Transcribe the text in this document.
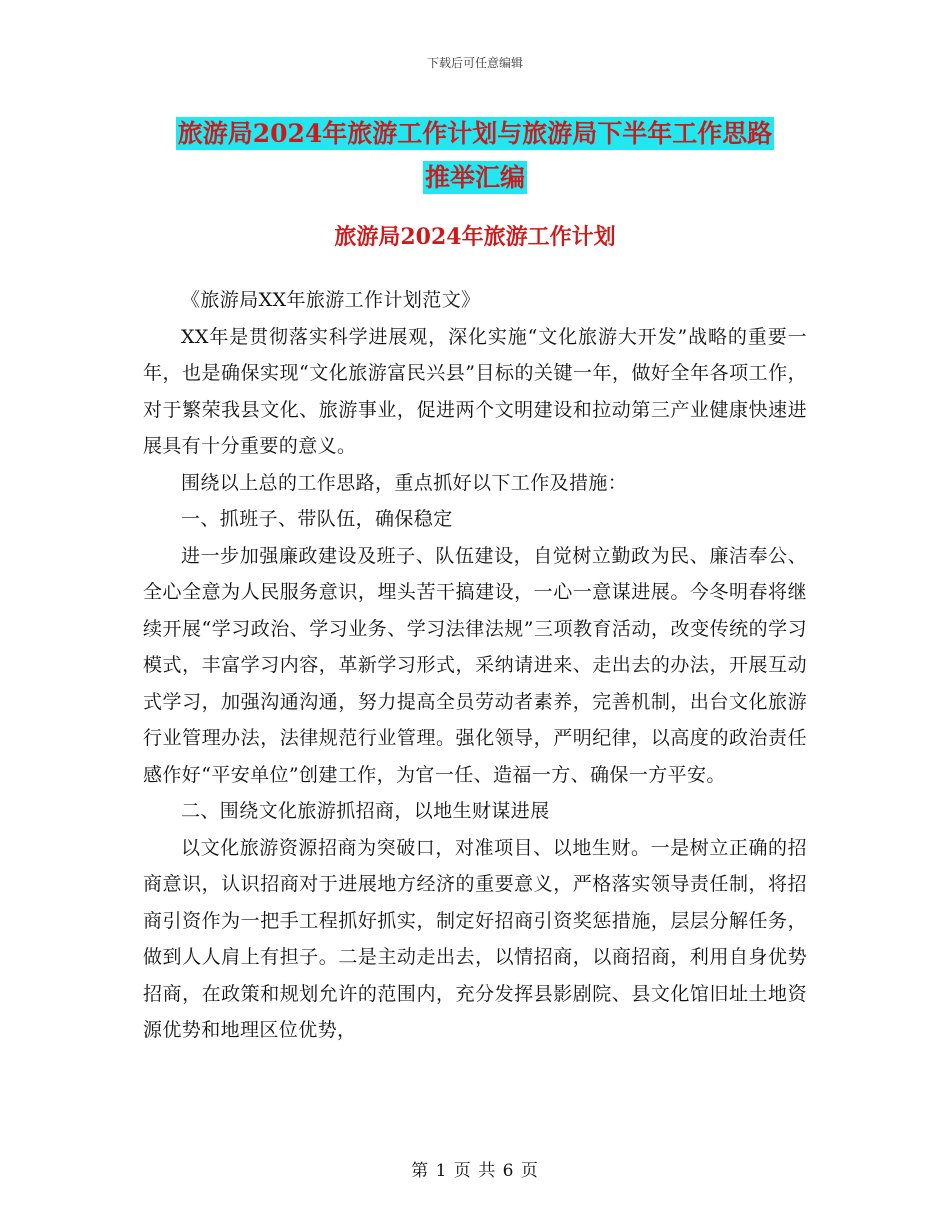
下载后可任意编辑
旅游局2024年旅游工作计划与旅游局下半年工作思路
推举汇编
旅游局2024年旅游工作计划

《旅游局XX年旅游工作计划范文》

XX年是贯彻落实科学进展观，深化实施“文化旅游大开发”战略的重要一年，也是确保实现“文化旅游富民兴县”目标的关键一年，做好全年各项工作，对于繁荣我县文化、旅游事业，促进两个文明建设和拉动第三产业健康快速进展具有十分重要的意义。

围绕以上总的工作思路，重点抓好以下工作及措施：

一、抓班子、带队伍，确保稳定

进一步加强廉政建设及班子、队伍建设，自觉树立勤政为民、廉洁奉公、全心全意为人民服务意识，埋头苦干搞建设，一心一意谋进展。今冬明春将继续开展“学习政治、学习业务、学习法律法规”三项教育活动，改变传统的学习模式，丰富学习内容，革新学习形式，采纳请进来、走出去的办法，开展互动式学习，加强沟通沟通，努力提高全员劳动者素养，完善机制，出台文化旅游行业管理办法，法律规范行业管理。强化领导，严明纪律，以高度的政治责任感作好“平安单位”创建工作，为官一任、造福一方、确保一方平安。

二、围绕文化旅游抓招商，以地生财谋进展

以文化旅游资源招商为突破口，对准项目、以地生财。一是树立正确的招商意识，认识招商对于进展地方经济的重要意义，严格落实领导责任制，将招商引资作为一把手工程抓好抓实，制定好招商引资奖惩措施，层层分解任务，做到人人肩上有担子。二是主动走出去，以情招商，以商招商，利用自身优势招商，在政策和规划允许的范围内，充分发挥县影剧院、县文化馆旧址土地资源优势和地理区位优势，

第 1 页 共 6 页
